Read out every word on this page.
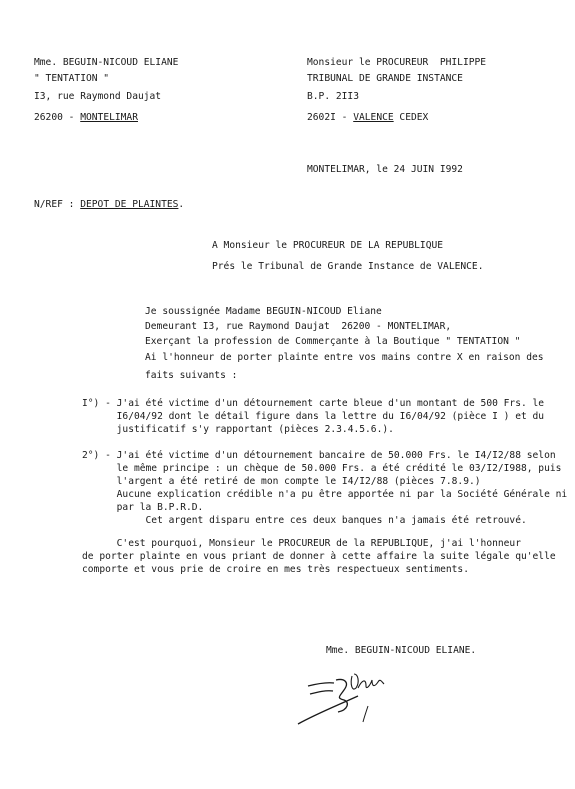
Mme. BEGUIN-NICOUD ELIANE
" TENTATION "
I3, rue Raymond Daujat
26200 - MONTELIMAR
Monsieur le PROCUREUR  PHILIPPE
TRIBUNAL DE GRANDE INSTANCE
B.P. 2II3
2602I - VALENCE CEDEX
MONTELIMAR, le 24 JUIN I992
N/REF : DEPOT DE PLAINTES.
A Monsieur le PROCUREUR DE LA REPUBLIQUE
Prés le Tribunal de Grande Instance de VALENCE.
Je soussignée Madame BEGUIN-NICOUD Eliane
Demeurant I3, rue Raymond Daujat  26200 - MONTELIMAR,
Exerçant la profession de Commerçante à la Boutique " TENTATION "
Ai l'honneur de porter plainte entre vos mains contre X en raison des
faits suivants :
I°) - J'ai été victime d'un détournement carte bleue d'un montant de 500 Frs. le
I6/04/92 dont le détail figure dans la lettre du I6/04/92 (pièce I ) et du
justificatif s'y rapportant (pièces 2.3.4.5.6.).
2°) - J'ai été victime d'un détournement bancaire de 50.000 Frs. le I4/I2/88 selon
le même principe : un chèque de 50.000 Frs. a été crédité le 03/I2/I988, puis
l'argent a été retiré de mon compte le I4/I2/88 (pièces 7.8.9.)
Aucune explication crédible n'a pu être apportée ni par la Société Générale ni
par la B.P.R.D.
Cet argent disparu entre ces deux banques n'a jamais été retrouvé.
C'est pourquoi, Monsieur le PROCUREUR de la REPUBLIQUE, j'ai l'honneur
de porter plainte en vous priant de donner à cette affaire la suite légale qu'elle
comporte et vous prie de croire en mes très respectueux sentiments.
Mme. BEGUIN-NICOUD ELIANE.
